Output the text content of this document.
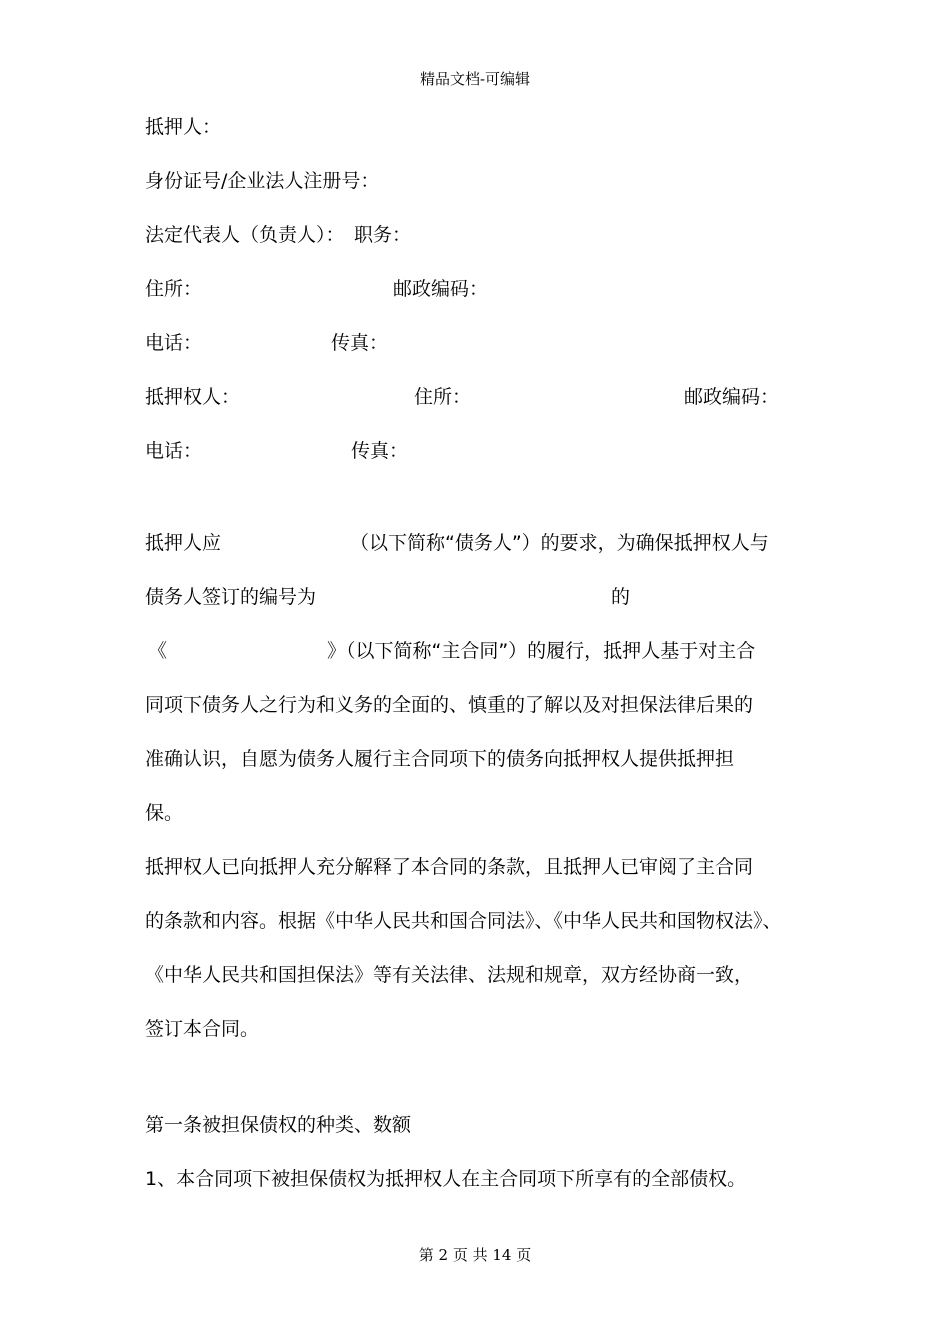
精品文档-可编辑
抵押人：
身份证号/企业法人注册号：
法定代表人（负责人）： 职务：
住所：	邮政编码：
电话：	传真：
抵押权人：	住所：	邮政编码：
电话：	传真：
抵押人应	（以下简称“债务人”）的要求，为确保抵押权人与
债务人签订的编号为	的
《	》（以下简称“主合同”）的履行，抵押人基于对主合
同项下债务人之行为和义务的全面的、慎重的了解以及对担保法律后果的
准确认识，自愿为债务人履行主合同项下的债务向抵押权人提供抵押担
保。
抵押权人已向抵押人充分解释了本合同的条款，且抵押人已审阅了主合同
的条款和内容。根据《中华人民共和国合同法》、《中华人民共和国物权法》、
《中华人民共和国担保法》等有关法律、法规和规章，双方经协商一致，
签订本合同。
第一条被担保债权的种类、数额
1、本合同项下被担保债权为抵押权人在主合同项下所享有的全部债权。
第 2 页 共 14 页
